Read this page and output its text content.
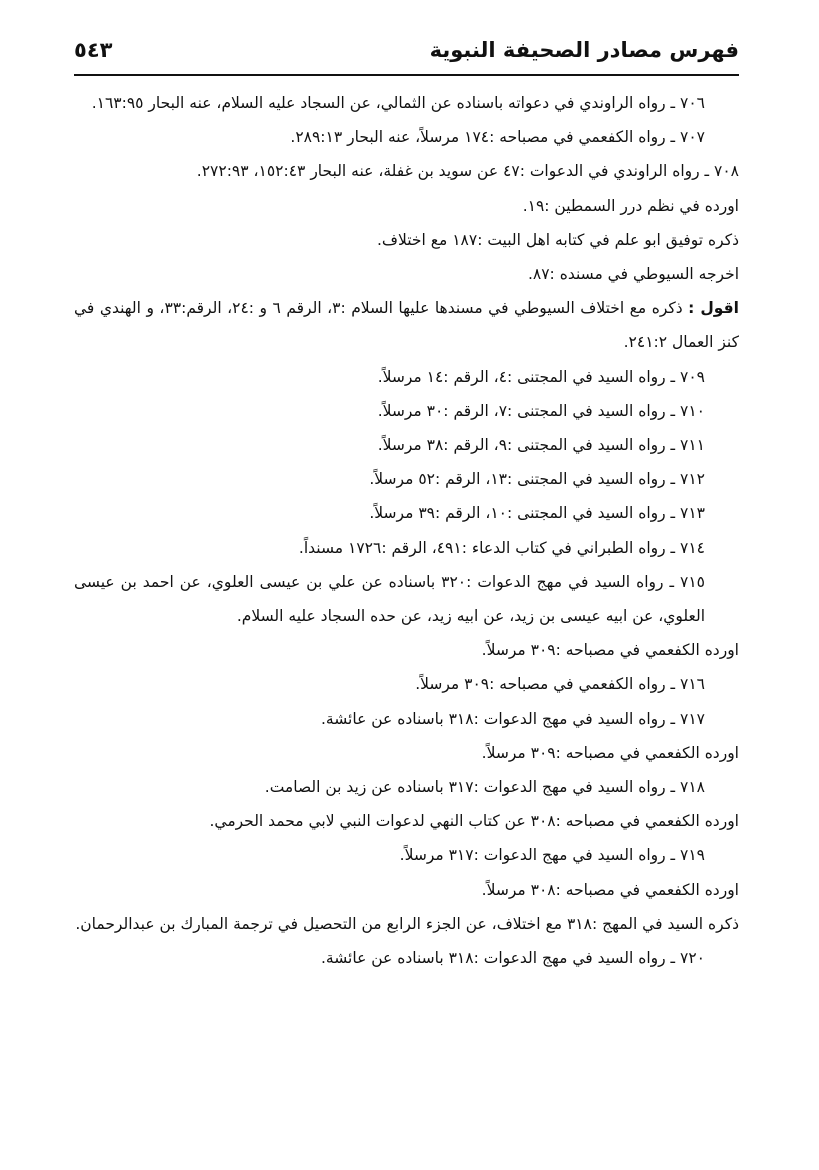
فهرس مصادر الصحيفة النبوية
٥٤٣

٧٠٦ ـ رواه الراوندي في دعواته باسناده عن الثمالي، عن السجاد عليه السلام، عنه البحار ١٦٣:٩٥.

٧٠٧ ـ رواه الكفعمي في مصباحه :١٧٤ مرسلاً، عنه البحار ٢٨٩:١٣.

٧٠٨ ـ رواه الراوندي في الدعوات :٤٧ عن سويد بن غفلة، عنه البحار ١٥٢:٤٣، ٢٧٢:٩٣.

اورده في نظم درر السمطين :١٩.

ذكره توفيق ابو علم في كتابه اهل البيت :١٨٧ مع اختلاف.

اخرجه السيوطي في مسنده :٨٧.

اقول : ذكره مع اختلاف السيوطي في مسندها عليها السلام :٣، الرقم ٦ و :٢٤، الرقم:٣٣، و الهندي في كنز العمال ٢٤١:٢.

٧٠٩ ـ رواه السيد في المجتنى :٤، الرقم :١٤ مرسلاً.

٧١٠ ـ رواه السيد في المجتنى :٧، الرقم :٣٠ مرسلاً.

٧١١ ـ رواه السيد في المجتنى :٩، الرقم :٣٨ مرسلاً.

٧١٢ ـ رواه السيد في المجتنى :١٣، الرقم :٥٢ مرسلاً.

٧١٣ ـ رواه السيد في المجتنى :١٠، الرقم :٣٩ مرسلاً.

٧١٤ ـ رواه الطبراني في كتاب الدعاء :٤٩١، الرقم :١٧٢٦ مسنداً.

٧١٥ ـ رواه السيد في مهج الدعوات :٣٢٠ باسناده عن علي بن عيسى العلوي، عن احمد بن عيسى العلوي، عن ابيه عيسى بن زيد، عن ابيه زيد، عن حده السجاد عليه السلام.

اورده الكفعمي في مصباحه :٣٠٩ مرسلاً.

٧١٦ ـ رواه الكفعمي في مصباحه :٣٠٩ مرسلاً.

٧١٧ ـ رواه السيد في مهج الدعوات :٣١٨ باسناده عن عائشة.

اورده الكفعمي في مصباحه :٣٠٩ مرسلاً.

٧١٨ ـ رواه السيد في مهج الدعوات :٣١٧ باسناده عن زيد بن الصامت.

اورده الكفعمي في مصباحه :٣٠٨ عن كتاب النهي لدعوات النبي لابي محمد الحرمي.

٧١٩ ـ رواه السيد في مهج الدعوات :٣١٧ مرسلاً.

اورده الكفعمي في مصباحه :٣٠٨ مرسلاً.

ذكره السيد في المهج :٣١٨ مع اختلاف، عن الجزء الرابع من التحصيل في ترجمة المبارك بن عبدالرحمان.

٧٢٠ ـ رواه السيد في مهج الدعوات :٣١٨ باسناده عن عائشة.
